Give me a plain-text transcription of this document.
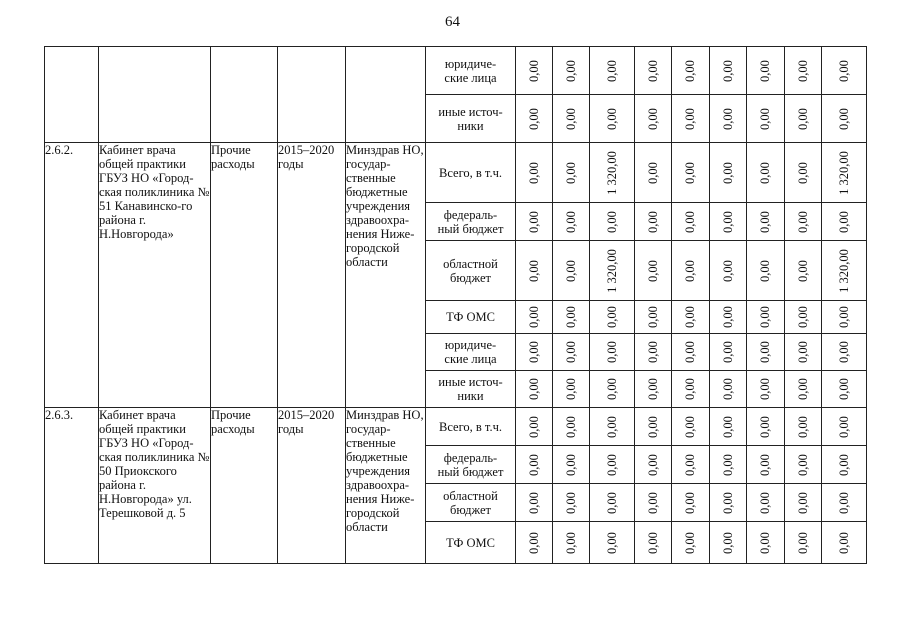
64
					юридиче-
ские лица	0,00	0,00	0,00	0,00	0,00	0,00	0,00	0,00	0,00
					иные источ-
ники	0,00	0,00	0,00	0,00	0,00	0,00	0,00	0,00	0,00
2.6.2.	Кабинет врача общей практики ГБУЗ НО «Город-ская поликлиника № 51 Канавинско-го района г. Н.Новгорода»	Прочие расходы	2015–2020 годы	Минздрав НО, государ-ственные бюджетные учреждения здравоохра-нения Ниже-городской области	Всего, в т.ч.	0,00	0,00	1 320,00	0,00	0,00	0,00	0,00	0,00	1 320,00
					федераль-
ный бюджет	0,00	0,00	0,00	0,00	0,00	0,00	0,00	0,00	0,00
					областной
бюджет	0,00	0,00	1 320,00	0,00	0,00	0,00	0,00	0,00	1 320,00
					ТФ ОМС	0,00	0,00	0,00	0,00	0,00	0,00	0,00	0,00	0,00
					юридиче-
ские лица	0,00	0,00	0,00	0,00	0,00	0,00	0,00	0,00	0,00
					иные источ-
ники	0,00	0,00	0,00	0,00	0,00	0,00	0,00	0,00	0,00
2.6.3.	Кабинет врача общей практики ГБУЗ НО «Город-ская поликлиника № 50 Приокского района г. Н.Новгорода» ул. Терешковой д. 5	Прочие расходы	2015–2020 годы	Минздрав НО, государ-ственные бюджетные учреждения здравоохра-нения Ниже-городской области	Всего, в т.ч.	0,00	0,00	0,00	0,00	0,00	0,00	0,00	0,00	0,00
					федераль-
ный бюджет	0,00	0,00	0,00	0,00	0,00	0,00	0,00	0,00	0,00
					областной
бюджет	0,00	0,00	0,00	0,00	0,00	0,00	0,00	0,00	0,00
					ТФ ОМС	0,00	0,00	0,00	0,00	0,00	0,00	0,00	0,00	0,00
